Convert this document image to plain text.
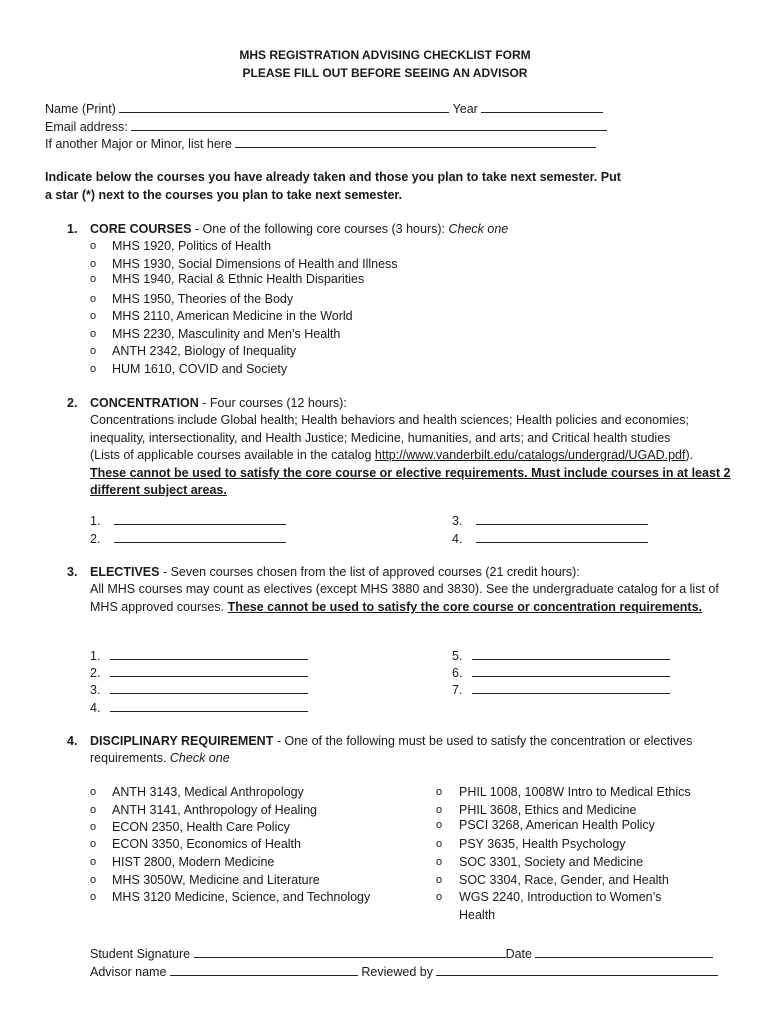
MHS REGISTRATION ADVISING CHECKLIST FORM
PLEASE FILL OUT BEFORE SEEING AN ADVISOR
Name (Print)	Year
Email address:
If another Major or Minor, list here
Indicate below the courses you have already taken and those you plan to take next semester. Put
a star (*) next to the courses you plan to take next semester.
1. CORE COURSES - One of the following core courses (3 hours): Check one
o MHS 1920, Politics of Health
o MHS 1930, Social Dimensions of Health and Illness
o MHS 1940, Racial & Ethnic Health Disparities
o MHS 1950, Theories of the Body
o MHS 2110, American Medicine in the World
o MHS 2230, Masculinity and Men’s Health
o ANTH 2342, Biology of Inequality
o HUM 1610, COVID and Society
2. CONCENTRATION - Four courses (12 hours):
Concentrations include Global health; Health behaviors and health sciences; Health policies and economies;
inequality, intersectionality, and Health Justice; Medicine, humanities, and arts; and Critical health studies
(Lists of applicable courses available in the catalog http://www.vanderbilt.edu/catalogs/undergrad/UGAD.pdf).
These cannot be used to satisfy the core course or elective requirements. Must include courses in at least 2
different subject areas.
1.
2.
3.
4.
3. ELECTIVES - Seven courses chosen from the list of approved courses (21 credit hours):
All MHS courses may count as electives (except MHS 3880 and 3830). See the undergraduate catalog for a list of
MHS approved courses. These cannot be used to satisfy the core course or concentration requirements.
1.
2.
3.
4.
5.
6.
7.
4. DISCIPLINARY REQUIREMENT - One of the following must be used to satisfy the concentration or electives
requirements. Check one
o ANTH 3143, Medical Anthropology
o ANTH 3141, Anthropology of Healing
o ECON 2350, Health Care Policy
o ECON 3350, Economics of Health
o HIST 2800, Modern Medicine
o MHS 3050W, Medicine and Literature
o MHS 3120 Medicine, Science, and Technology
o PHIL 1008, 1008W Intro to Medical Ethics
o PHIL 3608, Ethics and Medicine
o PSCI 3268, American Health Policy
o PSY 3635, Health Psychology
o SOC 3301, Society and Medicine
o SOC 3304, Race, Gender, and Health
o WGS 2240, Introduction to Women’s
Health
Student Signature	Date
Advisor name	Reviewed by
